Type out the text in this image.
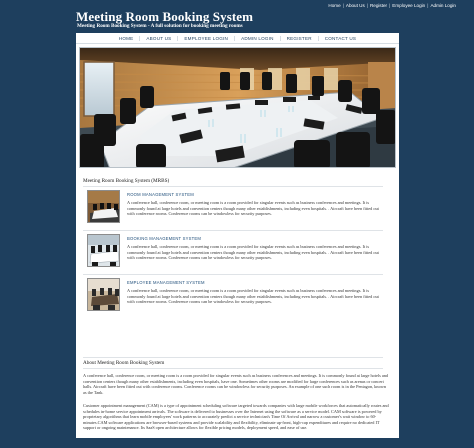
Home | About Us | Register | Employee Login | Admin Login
Meeting Room Booking System
Meeting Room Booking System - A full solution for booking meeting rooms
HOME	ABOUT US	EMPLOYEE LOGIN	ADMIN LOGIN	REGISTER	CONTACT US
Meeting Room Booking System (MRBS)
ROOM MANAGEMENT SYSTEM
A conference hall, conference room, or meeting room is a room provided for singular events such as business conferences and meetings. It is commonly found at large hotels and convention centers though many other establishments, including even hospitals. . Aircraft have been fitted out with conference rooms. Conference rooms can be windowless for security purposes.
BOOKING MANAGEMENT SYSTEM
A conference hall, conference room, or meeting room is a room provided for singular events such as business conferences and meetings. It is commonly found at large hotels and convention centers though many other establishments, including even hospitals. . Aircraft have been fitted out with conference rooms. Conference rooms can be windowless for security purposes.
EMPLOYEE MANAGEMENT SYSTEM
A conference hall, conference room, or meeting room is a room provided for singular events such as business conferences and meetings. It is commonly found at large hotels and convention centers though many other establishments, including even hospitals. . Aircraft have been fitted out with conference rooms. Conference rooms can be windowless for security purposes.
About Meeting Room Booking System
A conference hall, conference room, or meeting room is a room provided for singular events such as business conferences and meetings. It is commonly found at large hotels and convention centers though many other establishments, including even hospitals, have one. Sometimes other rooms are modified for large conferences such as arenas or concert halls. Aircraft have been fitted out with conference rooms. Conference rooms can be windowless for security purposes. An example of one such room is in the Pentagon, known as the Tank.
Customer appointment management (CAM) is a type of appointment scheduling software targeted towards companies with large mobile workforces that automatically routes and schedules in-home service appointment arrivals. The software is delivered to businesses over the Internet using the software as a service model. CAM software is powered by proprietary algorithms that learn mobile employees' work patterns to accurately predict a service technician's Time Of Arrival and narrow a customer's wait window to 60-minutes.CAM software applications are browser-based systems and provide scalability and flexibility, eliminate up-front, high-cap expenditures and require no dedicated IT support or ongoing maintenance. Its SaaS open architecture allows for flexible pricing models, deployment speed, and ease of use.
